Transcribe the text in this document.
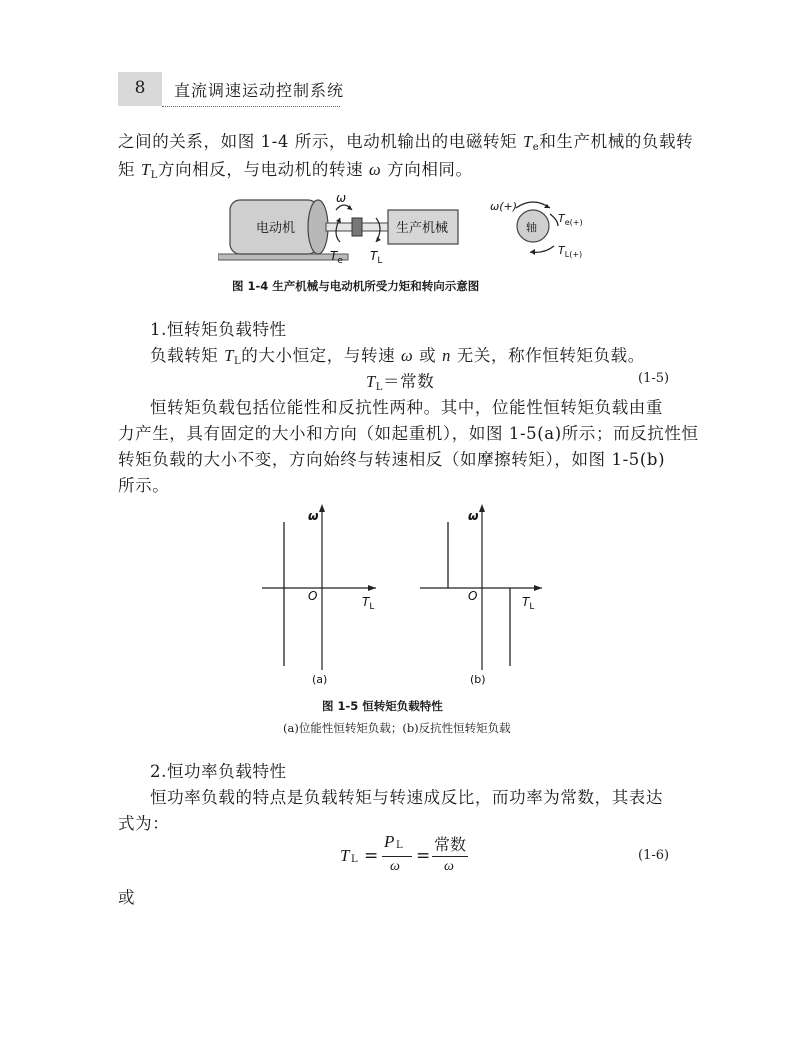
8	直流调速运动控制系统
之间的关系，如图 1-4 所示，电动机输出的电磁转矩 $T_e$和生产机械的负载转
矩 $T_L$方向相反，与电动机的转速 ω 方向相同。
电动机
ω
$T_e$ $T_L$
生产机械	轴
ω(+)
$T_{e(+)}$
$T_{L(+)}$
图 1-4 生产机械与电动机所受力矩和转向示意图
1.恒转矩负载特性
负载转矩 $T_L$的大小恒定，与转速 ω 或 n 无关，称作恒转矩负载。
$T_L=$常数	(1-5)
恒转矩负载包括位能性和反抗性两种。其中，位能性恒转矩负载由重
力产生，具有固定的大小和方向（如起重机），如图 1-5(a)所示；而反抗性恒
转矩负载的大小不变，方向始终与转速相反（如摩擦转矩），如图 1-5(b)
所示。
ω
O	$T_L$
(a)
ω
O	$T_L$
(b)
图 1-5 恒转矩负载特性
(a)位能性恒转矩负载；(b)反抗性恒转矩负载
2.恒功率负载特性
恒功率负载的特点是负载转矩与转速成反比，而功率为常数，其表达
式为：
T L =
P L
ω
=
常数
ω
(1-6)
或
